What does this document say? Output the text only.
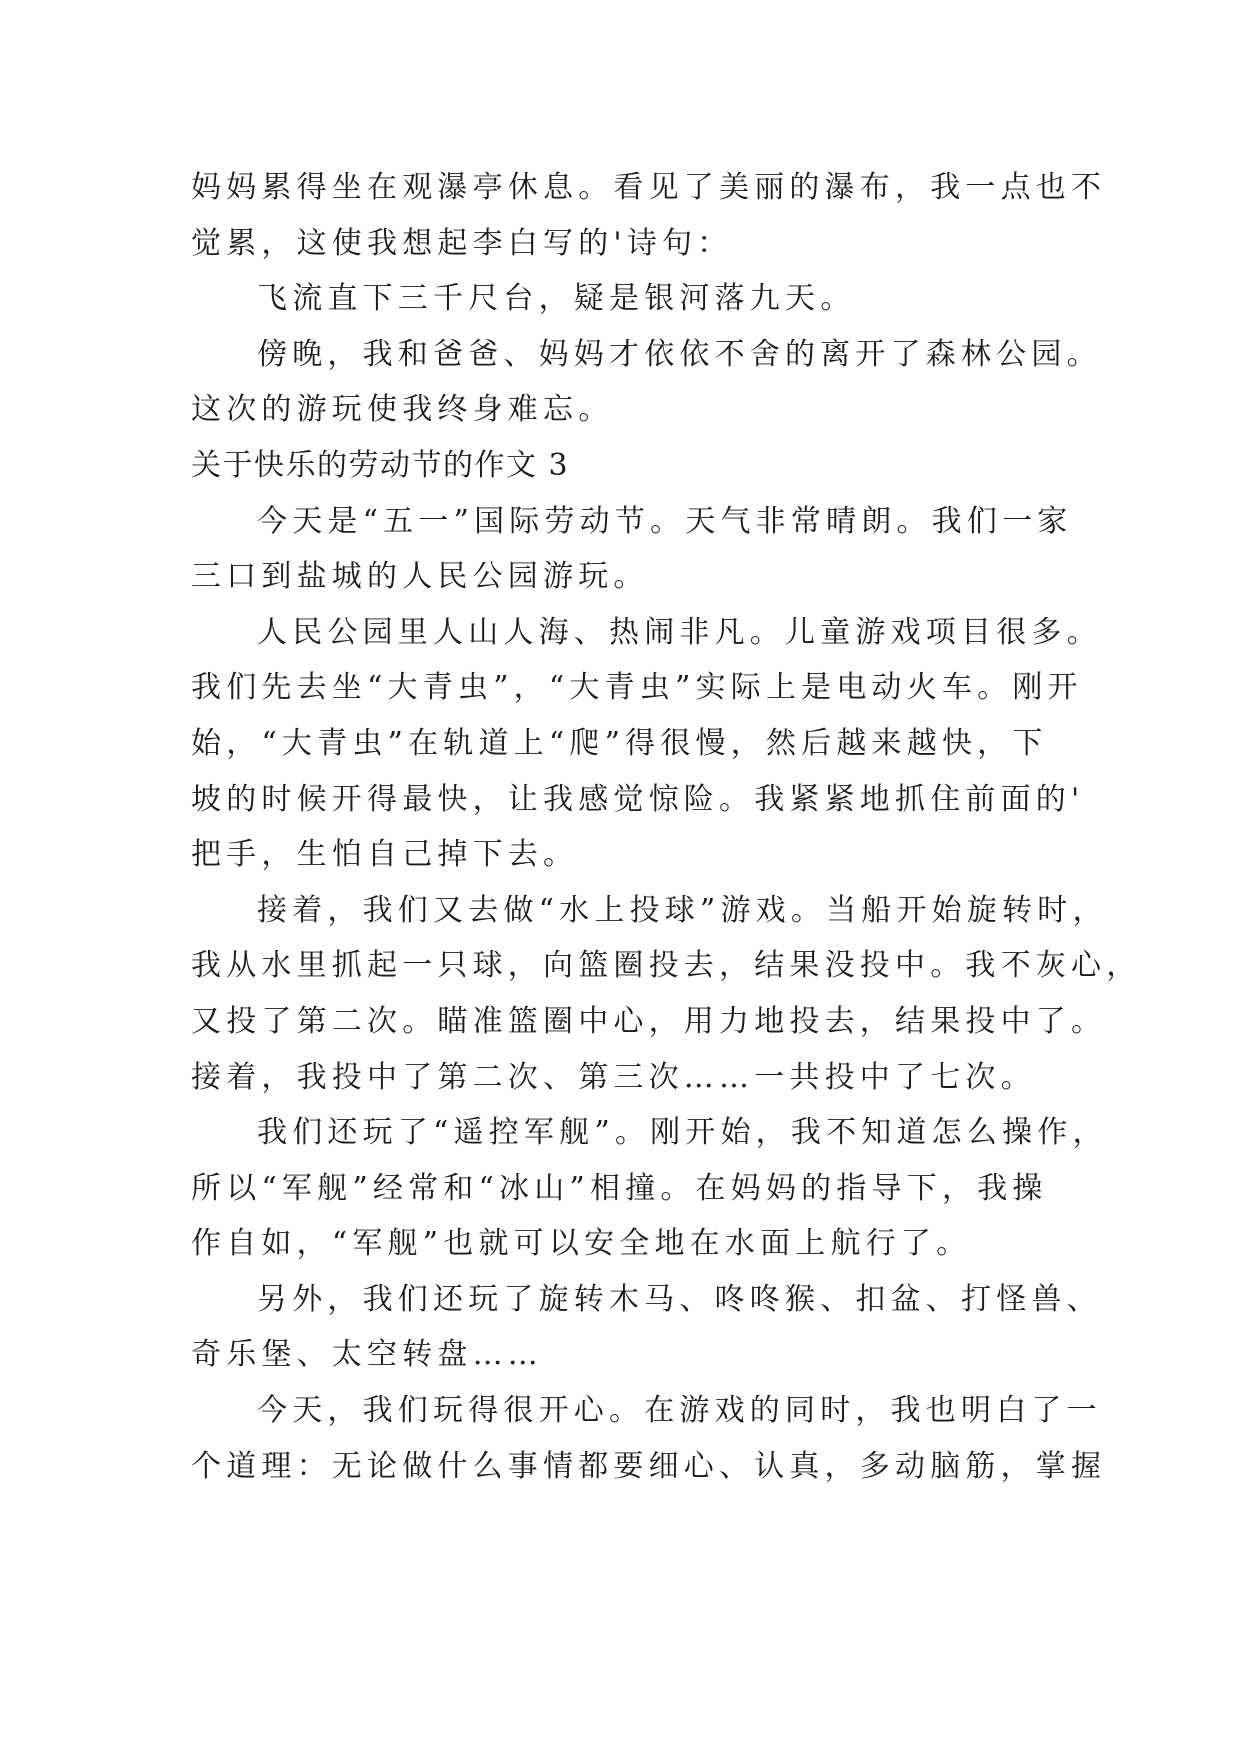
妈妈累得坐在观瀑亭休息。看见了美丽的瀑布，我一点也不
觉累，这使我想起李白写的'诗句：
飞流直下三千尺台，疑是银河落九天。
傍晚，我和爸爸、妈妈才依依不舍的离开了森林公园。
这次的游玩使我终身难忘。
关于快乐的劳动节的作文 3
今天是“五一”国际劳动节。天气非常晴朗。我们一家
三口到盐城的人民公园游玩。
人民公园里人山人海、热闹非凡。儿童游戏项目很多。
我们先去坐“大青虫”，“大青虫”实际上是电动火车。刚开
始，“大青虫”在轨道上“爬”得很慢，然后越来越快，下
坡的时候开得最快，让我感觉惊险。我紧紧地抓住前面的'
把手，生怕自己掉下去。
接着，我们又去做“水上投球”游戏。当船开始旋转时，
我从水里抓起一只球，向篮圈投去，结果没投中。我不灰心，
又投了第二次。瞄准篮圈中心，用力地投去，结果投中了。
接着，我投中了第二次、第三次……一共投中了七次。
我们还玩了“遥控军舰”。刚开始，我不知道怎么操作，
所以“军舰”经常和“冰山”相撞。在妈妈的指导下，我操
作自如，“军舰”也就可以安全地在水面上航行了。
另外，我们还玩了旋转木马、咚咚猴、扣盆、打怪兽、
奇乐堡、太空转盘……
今天，我们玩得很开心。在游戏的同时，我也明白了一
个道理：无论做什么事情都要细心、认真，多动脑筋，掌握
